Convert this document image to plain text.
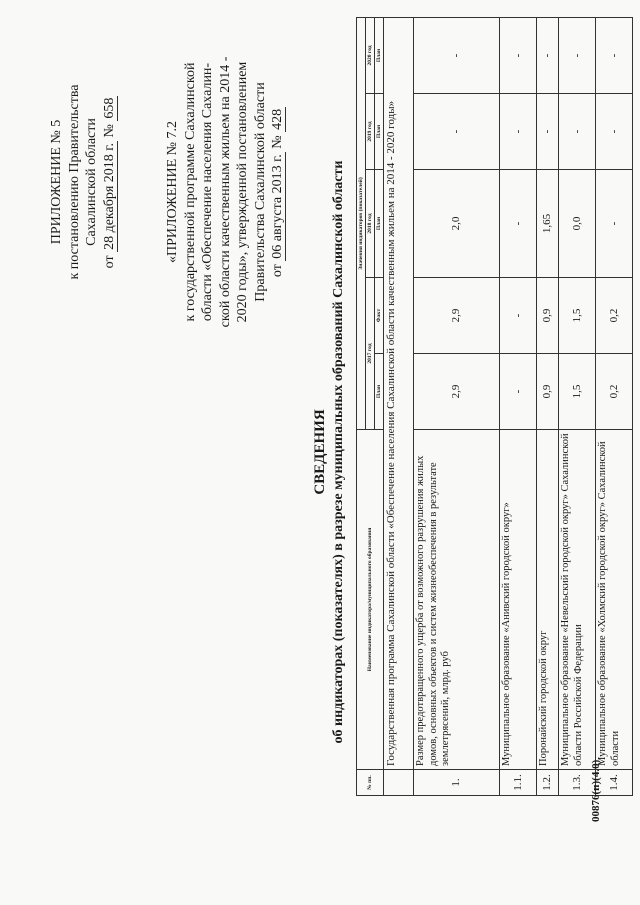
ПРИЛОЖЕНИЕ № 5 к постановлению Правительства Сахалинской области
от 28 декабря 2018 г. № 658
«ПРИЛОЖЕНИЕ № 7.2 к государственной программе Сахалинской области «Обеспечение населения Сахалин- ской области качественным жильем на 2014 - 2020 годы», утвержденной постановлением Правительства Сахалинской области от 06 августа 2013 г. № 428
СВЕДЕНИЯ об индикаторах (показателях) в разрезе муниципальных образований Сахалинской области
№ пп.	Наименование индикатора/муниципального образования	Значения индикаторов (показателей)				
		2017 год		2018 год	2019 год	2020 год
		План	Факт	План	План	План
	Государственная программа Сахалинской области «Обеспечение населения Сахалинской области качественным жильем на 2014 - 2020 годы»					
1.	Размер предотвращенного ущерба от возможного разрушения жилых домов, основных объектов и систем жизнеобеспечения в результате землетрясений, млрд. руб	2,9	2,9	2,0	-	-
1.1.	Муниципальное образование «Анивский городской округ»	-	-	-	-	-
1.2.	Поронайский городской округ	0,9	0,9	1,65	-	-
1.3.	Муниципальное образование «Невельский городской округ» Сахалинской области Российской Федерации	1,5	1,5	0,0	-	-
1.4.	Муниципальное образование «Холмский городской округ» Сахалинской области	0,2	0,2	-	-	-
00876(п)(4.0)
